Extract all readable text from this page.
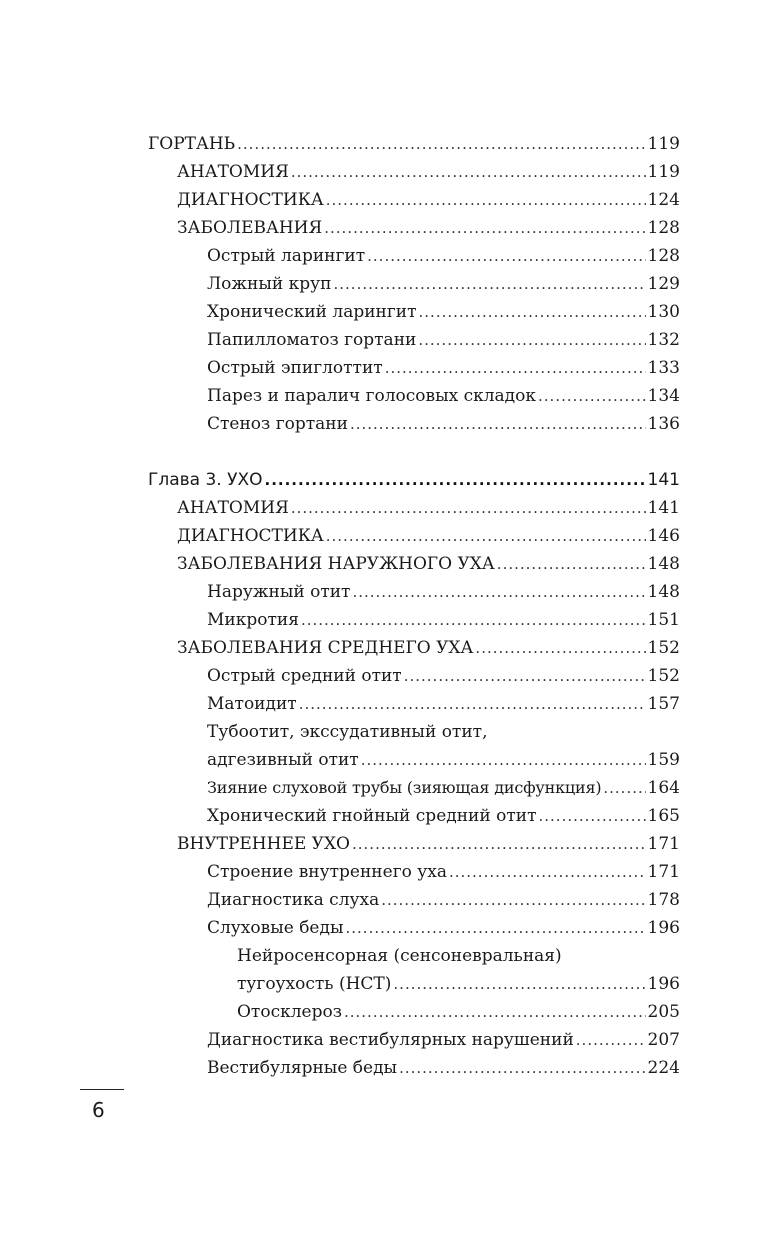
ГОРТАНЬ .....	119
АНАТОМИЯ .....	119
ДИАГНОСТИКА .....	124
ЗАБОЛЕВАНИЯ .....	128
Острый ларингит .....	128
Ложный круп .....	129
Хронический ларингит .....	130
Папилломатоз гортани .....	132
Острый эпиглоттит .....	133
Парез и паралич голосовых складок .....	134
Стеноз гортани .....	136
Глава 3. УХО .....	141
АНАТОМИЯ .....	141
ДИАГНОСТИКА .....	146
ЗАБОЛЕВАНИЯ НАРУЖНОГО УХА .....	148
Наружный отит .....	148
Микротия .....	151
ЗАБОЛЕВАНИЯ СРЕДНЕГО УХА .....	152
Острый средний отит .....	152
Матоидит .....	157
Тубоотит, экссудативный отит,
адгезивный отит .....	159
Зияние слуховой трубы (зияющая дисфункция) .....	164
Хронический гнойный средний отит .....	165
ВНУТРЕННЕЕ УХО .....	171
Строение внутреннего уха .....	171
Диагностика слуха .....	178
Слуховые беды .....	196
Нейросенсорная (сенсоневральная)
тугоухость (НСТ) .....	196
Отосклероз .....	205
Диагностика вестибулярных нарушений .....	207
Вестибулярные беды .....	224
6
